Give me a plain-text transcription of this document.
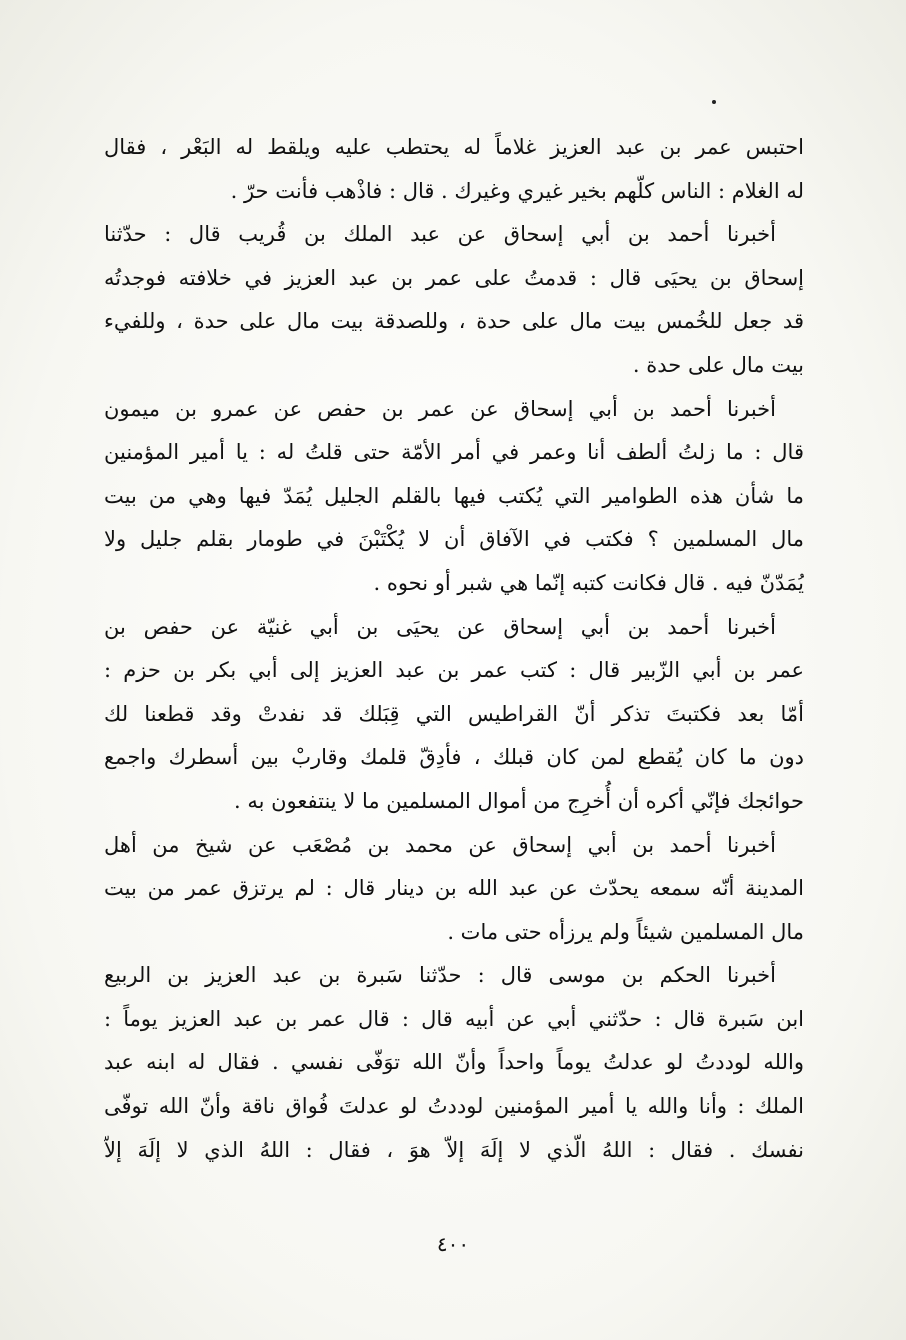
احتبس عمر بن عبد العزيز غلاماً له يحتطب عليه ويلقط له البَعْر ، فقال
له الغلام : الناس كلّهم بخير غيري وغيرك . قال : فاذْهب فأنت حرّ .
أخبرنا أحمد بن أبي إسحاق عن عبد الملك بن قُريب قال : حدّثنا
إسحاق بن يحيَى قال : قدمتُ على عمر بن عبد العزيز في خلافته فوجدتُه
قد جعل للخُمس بيت مال على حدة ، وللصدقة بيت مال على حدة ، وللفيء
بيت مال على حدة .
أخبرنا أحمد بن أبي إسحاق عن عمر بن حفص عن عمرو بن ميمون
قال : ما زلتُ ألطف أنا وعمر في أمر الأمّة حتى قلتُ له : يا أمير المؤمنين
ما شأن هذه الطوامير التي يُكتب فيها بالقلم الجليل يُمَدّ فيها وهي من بيت
مال المسلمين ؟ فكتب في الآفاق أن لا يُكْتَبْنَ في طومار بقلم جليل ولا
يُمَدّنّ فيه . قال فكانت كتبه إنّما هي شبر أو نحوه .
أخبرنا أحمد بن أبي إسحاق عن يحيَى بن أبي غنيّة عن حفص بن
عمر بن أبي الزّبير قال : كتب عمر بن عبد العزيز إلى أبي بكر بن حزم :
أمّا بعد فكتبتَ تذكر أنّ القراطيس التي قِبَلك قد نفدتْ وقد قطعنا لك
دون ما كان يُقطع لمن كان قبلك ، فأدِقّ قلمك وقاربْ بين أسطرك واجمع
حوائجك فإنّي أكره أن أُخرِج من أموال المسلمين ما لا ينتفعون به .
أخبرنا أحمد بن أبي إسحاق عن محمد بن مُصْعَب عن شيخ من أهل
المدينة أنّه سمعه يحدّث عن عبد الله بن دينار قال : لم يرتزق عمر من بيت
مال المسلمين شيئاً ولم يرزأه حتى مات .
أخبرنا الحكم بن موسى قال : حدّثنا سَبرة بن عبد العزيز بن الربيع
ابن سَبرة قال : حدّثني أبي عن أبيه قال : قال عمر بن عبد العزيز يوماً :
والله لوددتُ لو عدلتُ يوماً واحداً وأنّ الله توَفّى نفسي . فقال له ابنه عبد
الملك : وأنا والله يا أمير المؤمنين لوددتُ لو عدلتَ فُواق ناقة وأنّ الله توفّى
نفسك . فقال : اللهُ الّذي لا إلَهَ إلاّ هوَ ، فقال : اللهُ الذي لا إلَهَ إلاّ
٤٠٠
